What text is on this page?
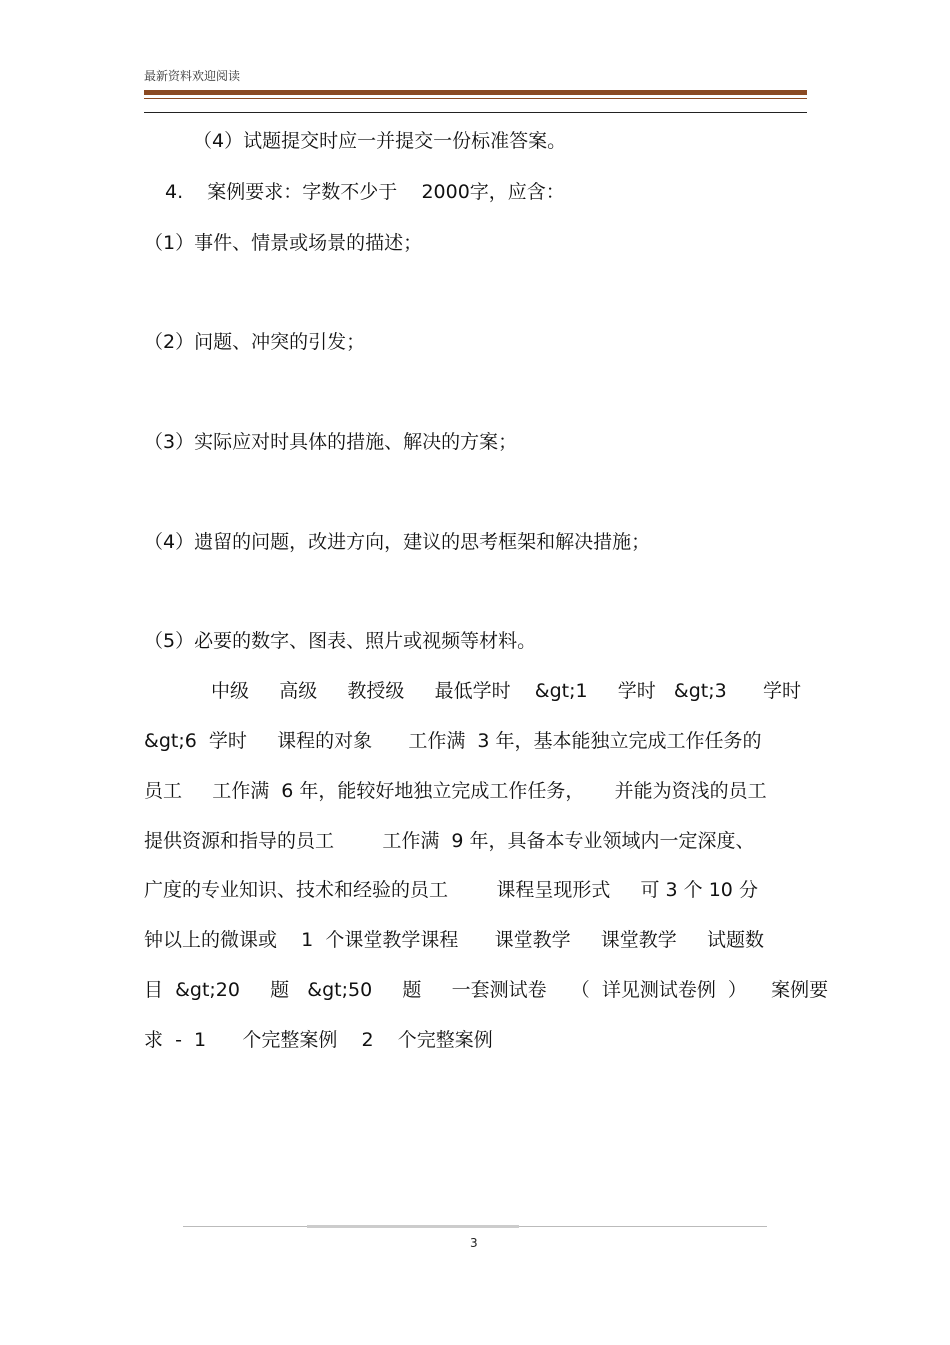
最新资料欢迎阅读
（4）试题提交时应一并提交一份标准答案。
4.    案例要求：字数不少于    2000字，应含：
（1）事件、情景或场景的描述；
（2）问题、冲突的引发；
（3）实际应对时具体的措施、解决的方案；
（4）遗留的问题，改进方向，建议的思考框架和解决措施；
（5）必要的数字、图表、照片或视频等材料。
中级     高级     教授级     最低学时    &gt;1     学时   &gt;3      学时
&gt;6  学时     课程的对象      工作满  3 年，基本能独立完成工作任务的
员工     工作满  6 年，能较好地独立完成工作任务，     并能为资浅的员工
提供资源和指导的员工        工作满  9 年，具备本专业领域内一定深度、
广度的专业知识、技术和经验的员工        课程呈现形式     可 3 个 10 分
钟以上的微课或    1  个课堂教学课程      课堂教学     课堂教学     试题数
目  &gt;20     题   &gt;50     题     一套测试卷    （  详见测试卷例  ）    案例要
求  -  1      个完整案例    2    个完整案例
3
